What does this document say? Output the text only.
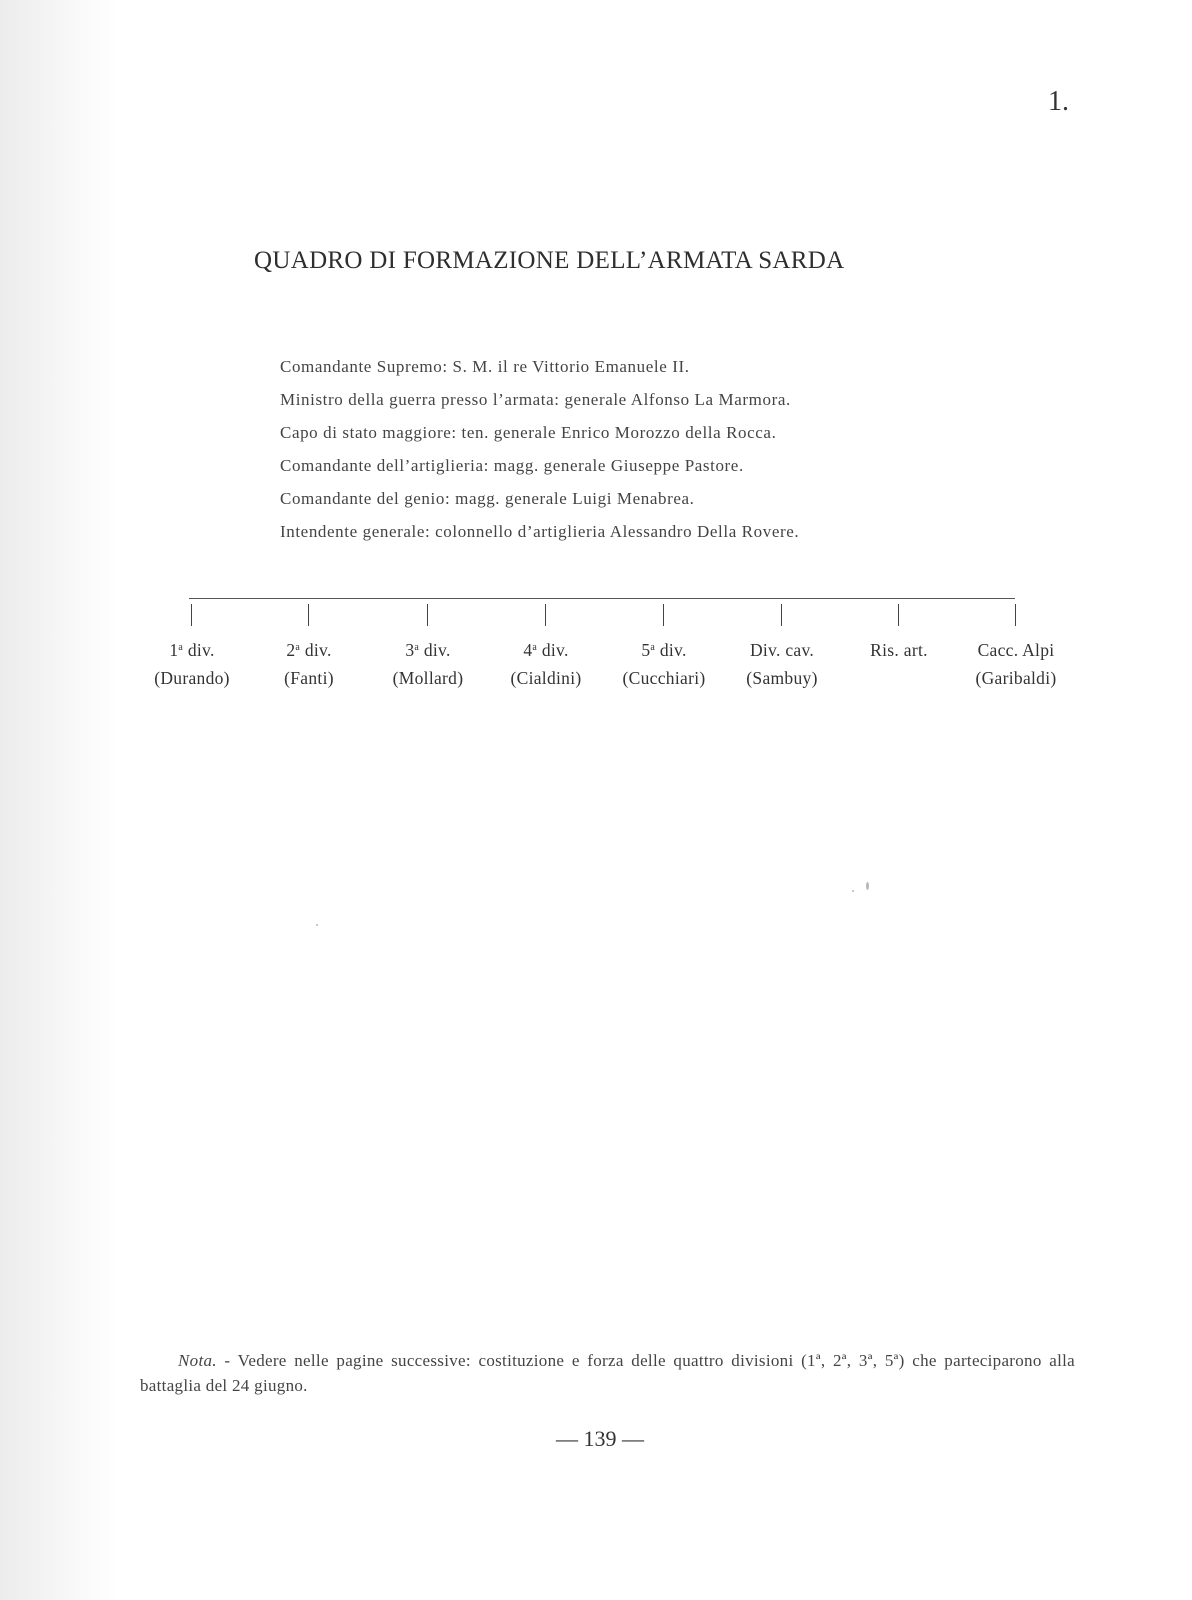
1.
QUADRO DI FORMAZIONE DELL’ARMATA SARDA
Comandante Supremo: S. M. il re Vittorio Emanuele II.
Ministro della guerra presso l’armata: generale Alfonso La Marmora.
Capo di stato maggiore: ten. generale Enrico Morozzo della Rocca.
Comandante dell’artiglieria: magg. generale Giuseppe Pastore.
Comandante del genio: magg. generale Luigi Menabrea.
Intendente generale: colonnello d’artiglieria Alessandro Della Rovere.
1$^a$ div.
(Durando)
2$^a$ div.
(Fanti)
3$^a$ div.
(Mollard)
4$^a$ div.
(Cialdini)
5$^a$ div.
(Cucchiari)
Div. cav.
(Sambuy)
Ris. art.	Cacc. Alpi
(Garibaldi)
Nota. - Vedere nelle pagine successive: costituzione e forza delle quattro divisioni (1ª, 2ª, 3ª, 5ª) che parteciparono alla battaglia del 24 giugno.
— 139 —
